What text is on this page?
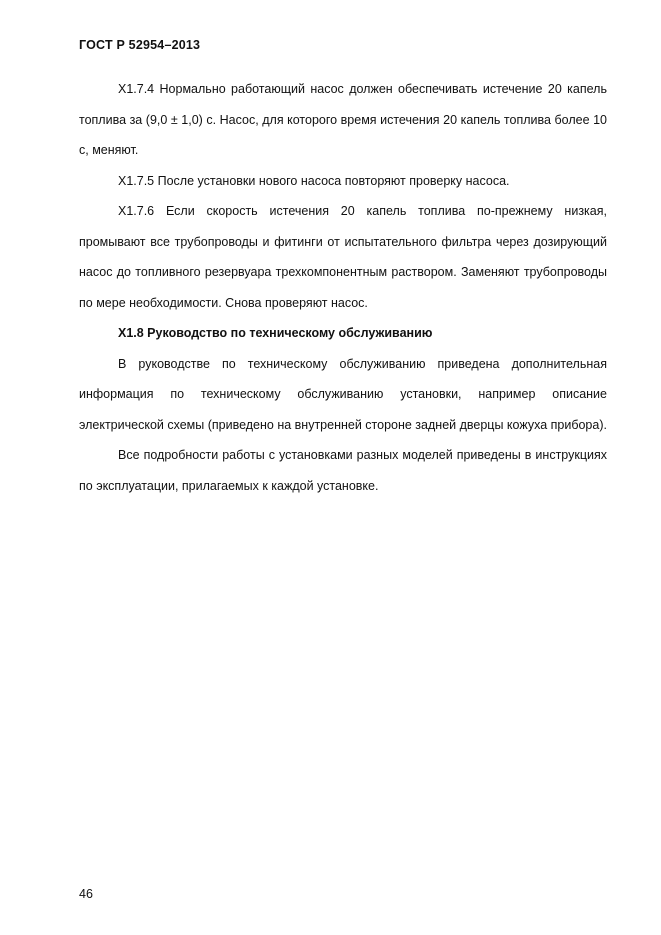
ГОСТ Р 52954–2013

X1.7.4 Нормально работающий насос должен обеспечивать истечение 20 капель топлива за (9,0 ± 1,0) с. Насос, для которого время истечения 20 капель топлива более 10 с, меняют.

X1.7.5 После установки нового насоса повторяют проверку насоса.

X1.7.6 Если скорость истечения 20 капель топлива по-прежнему низкая, промывают все трубопроводы и фитинги от испытательного фильтра через дозирующий насос до топливного резервуара трехкомпонентным раствором. Заменяют трубопроводы по мере необходимости. Снова проверяют насос.

X1.8 Руководство по техническому обслуживанию

В руководстве по техническому обслуживанию приведена дополнительная информация по техническому обслуживанию установки, например описание электрической схемы (приведено на внутренней стороне задней дверцы кожуха прибора).

Все подробности работы с установками разных моделей приведены в инструкциях по эксплуатации, прилагаемых к каждой установке.

46
